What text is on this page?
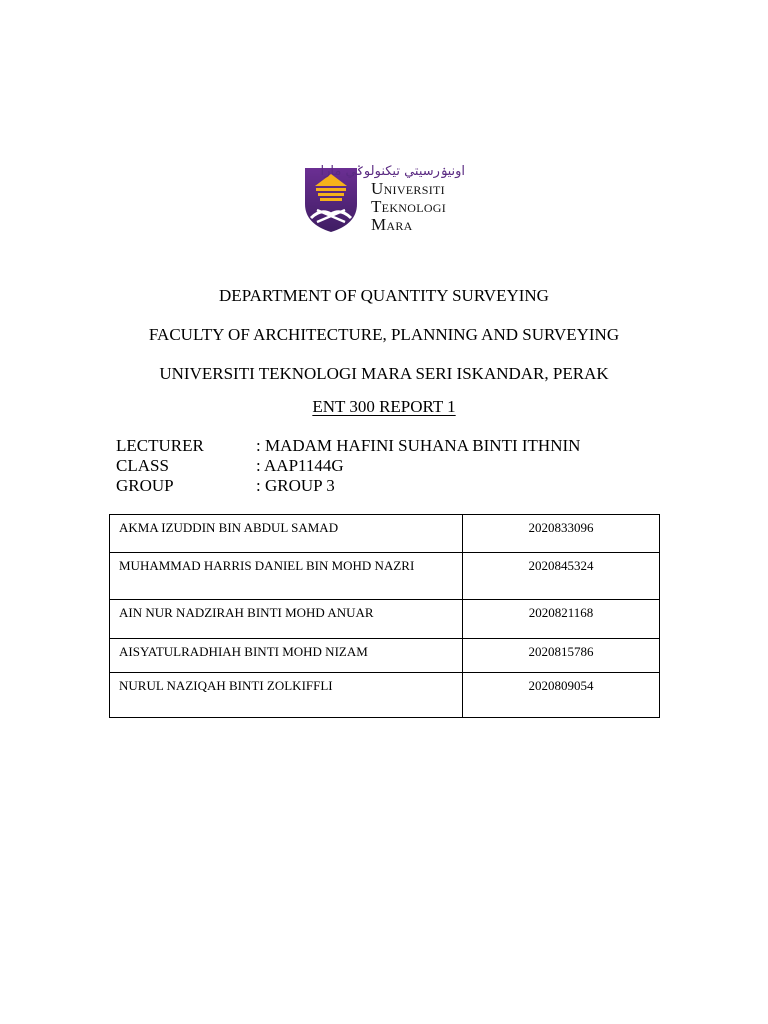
اونيۏرسيتي تيكنولوݢي مارا
Universiti
Teknologi
Mara
DEPARTMENT OF QUANTITY SURVEYING
FACULTY OF ARCHITECTURE, PLANNING AND SURVEYING
UNIVERSITI TEKNOLOGI MARA SERI ISKANDAR, PERAK
ENT 300 REPORT 1
LECTURER	: MADAM HAFINI SUHANA BINTI ITHNIN
CLASS	: AAP1144G
GROUP	: GROUP 3
AKMA IZUDDIN BIN ABDUL SAMAD	2020833096
MUHAMMAD HARRIS DANIEL BIN MOHD NAZRI	2020845324
AIN NUR NADZIRAH BINTI MOHD ANUAR	2020821168
AISYATULRADHIAH BINTI MOHD NIZAM	2020815786
NURUL NAZIQAH BINTI ZOLKIFFLI	2020809054
